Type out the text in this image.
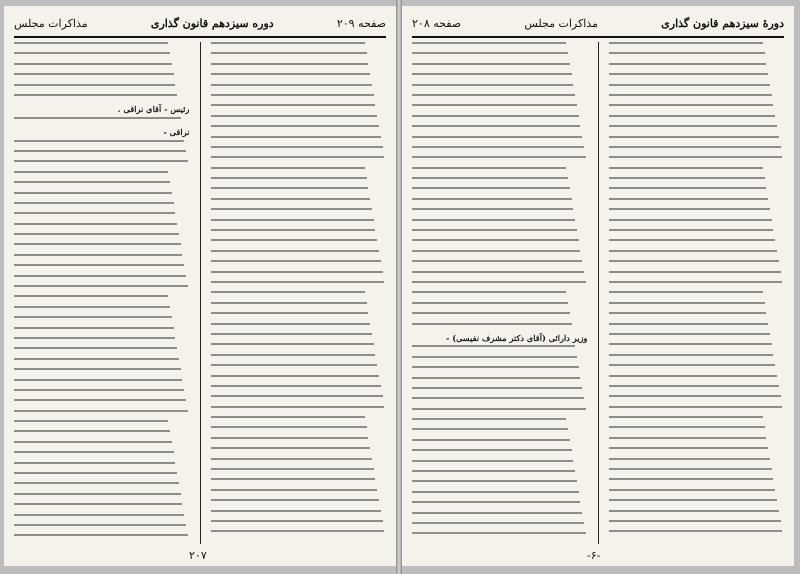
صفحه ۲۰۹
دوره سیزدهم قانون گذاری
مذاکرات مجلس
رئیس - آقای نراقی .
نراقی -
۲۰۷
دورهٔ سیزدهم قانون گذاری
مذاکرات مجلس
صفحه ۲۰۸
وزیر دارائی (آقای دکتر مشرف نفیسی) -
-۶-
